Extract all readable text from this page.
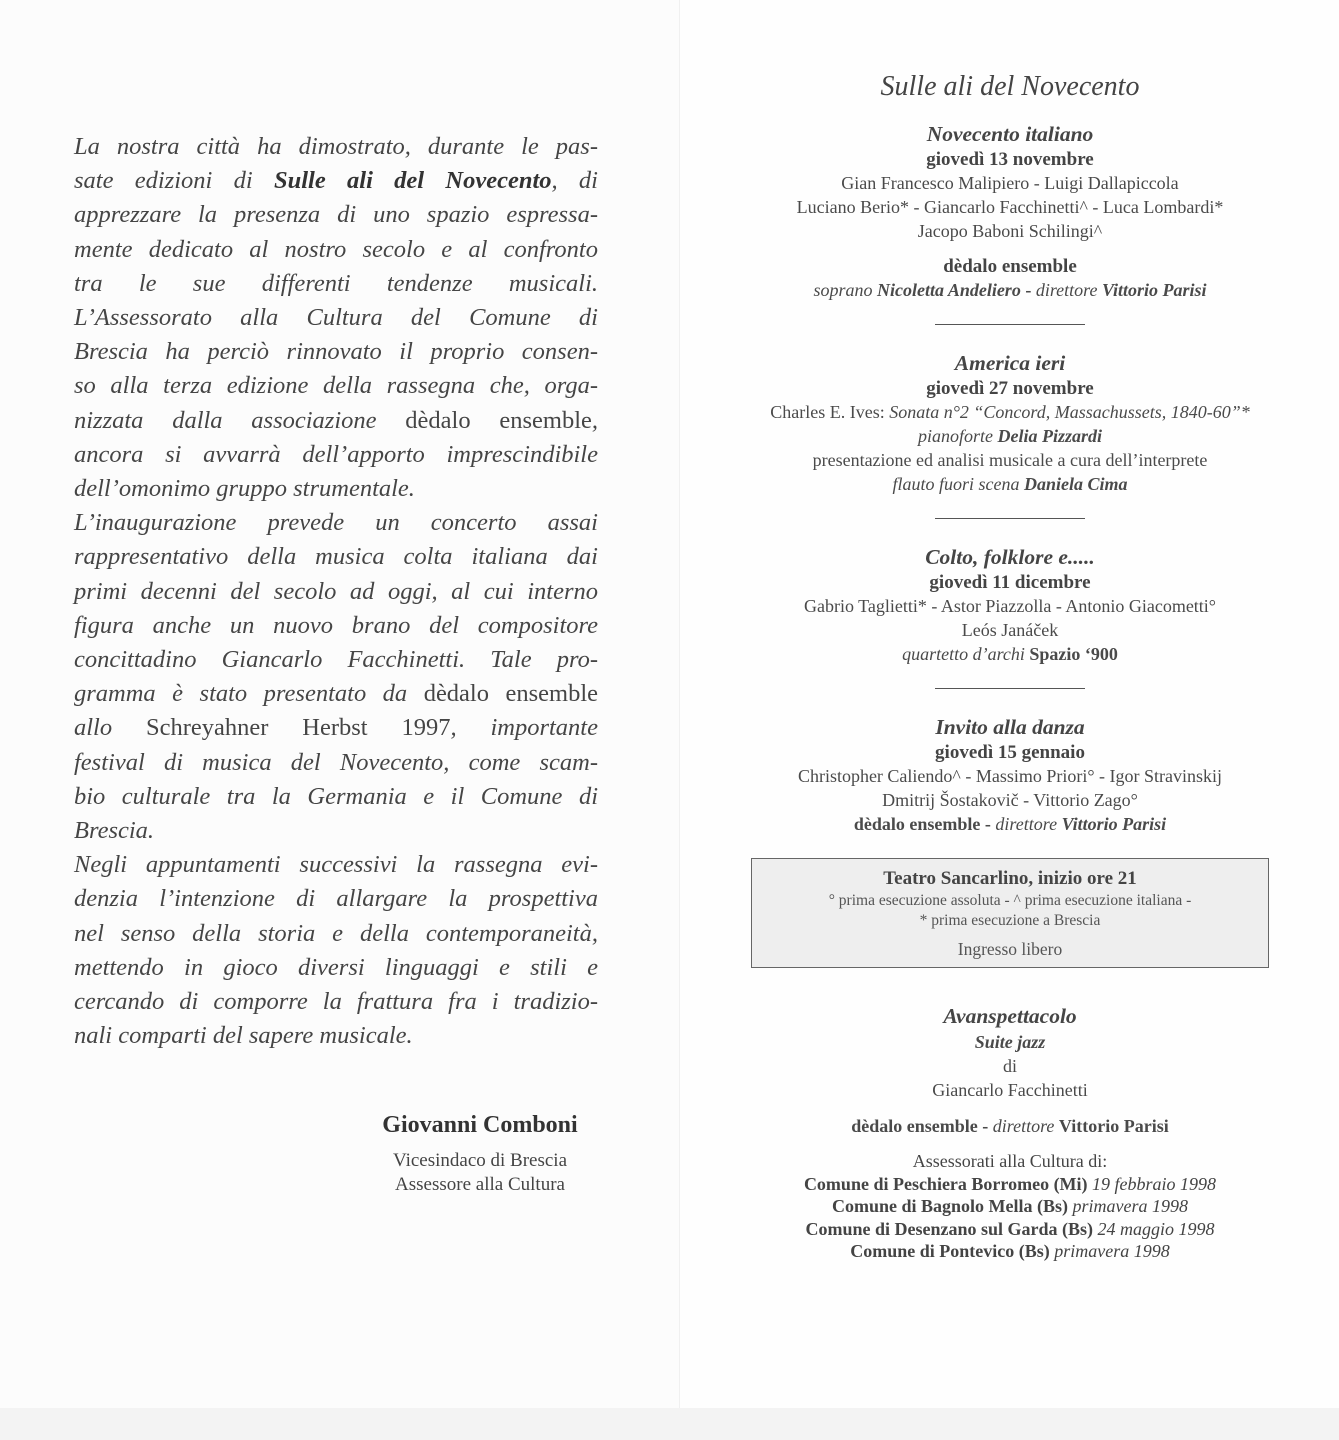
La nostra città ha dimostrato, durante le pas-
sate edizioni di Sulle ali del Novecento, di
apprezzare la presenza di uno spazio espressa-
mente dedicato al nostro secolo e al confronto
tra le sue differenti tendenze musicali.
L’Assessorato alla Cultura del Comune di
Brescia ha perciò rinnovato il proprio consen-
so alla terza edizione della rassegna che, orga-
nizzata dalla associazione dèdalo ensemble,
ancora si avvarrà dell’apporto imprescindibile
dell’omonimo gruppo strumentale.
L’inaugurazione prevede un concerto assai
rappresentativo della musica colta italiana dai
primi decenni del secolo ad oggi, al cui interno
figura anche un nuovo brano del compositore
concittadino Giancarlo Facchinetti. Tale pro-
gramma è stato presentato da dèdalo ensemble
allo Schreyahner Herbst 1997, importante
festival di musica del Novecento, come scam-
bio culturale tra la Germania e il Comune di
Brescia.
Negli appuntamenti successivi la rassegna evi-
denzia l’intenzione di allargare la prospettiva
nel senso della storia e della contemporaneità,
mettendo in gioco diversi linguaggi e stili e
cercando di comporre la frattura fra i tradizio-
nali comparti del sapere musicale.

Giovanni Comboni
Vicesindaco di Brescia
Assessore alla Cultura
Sulle ali del Novecento
Novecento italiano
giovedì 13 novembre
Gian Francesco Malipiero - Luigi Dallapiccola
Luciano Berio* - Giancarlo Facchinetti^ - Luca Lombardi*
Jacopo Baboni Schilingi^
dèdalo ensemble
soprano Nicoletta Andeliero - direttore Vittorio Parisi
America ieri
giovedì 27 novembre
Charles E. Ives: Sonata n°2 “Concord, Massachussets, 1840-60”*
pianoforte Delia Pizzardi
presentazione ed analisi musicale a cura dell’interprete
flauto fuori scena Daniela Cima
Colto, folklore e.....
giovedì 11 dicembre
Gabrio Taglietti* - Astor Piazzolla - Antonio Giacometti°
Leós Janáček
quartetto d’archi Spazio ‘900
Invito alla danza
giovedì 15 gennaio
Christopher Caliendo^ - Massimo Priori° - Igor Stravinskij
Dmitrij Šostakovič - Vittorio Zago°
dèdalo ensemble - direttore Vittorio Parisi
Teatro Sancarlino, inizio ore 21
° prima esecuzione assoluta - ^ prima esecuzione italiana -
* prima esecuzione a Brescia
Ingresso libero
Avanspettacolo
Suite jazz
di
Giancarlo Facchinetti
dèdalo ensemble - direttore Vittorio Parisi
Assessorati alla Cultura di:
Comune di Peschiera Borromeo (Mi) 19 febbraio 1998
Comune di Bagnolo Mella (Bs) primavera 1998
Comune di Desenzano sul Garda (Bs) 24 maggio 1998
Comune di Pontevico (Bs) primavera 1998
